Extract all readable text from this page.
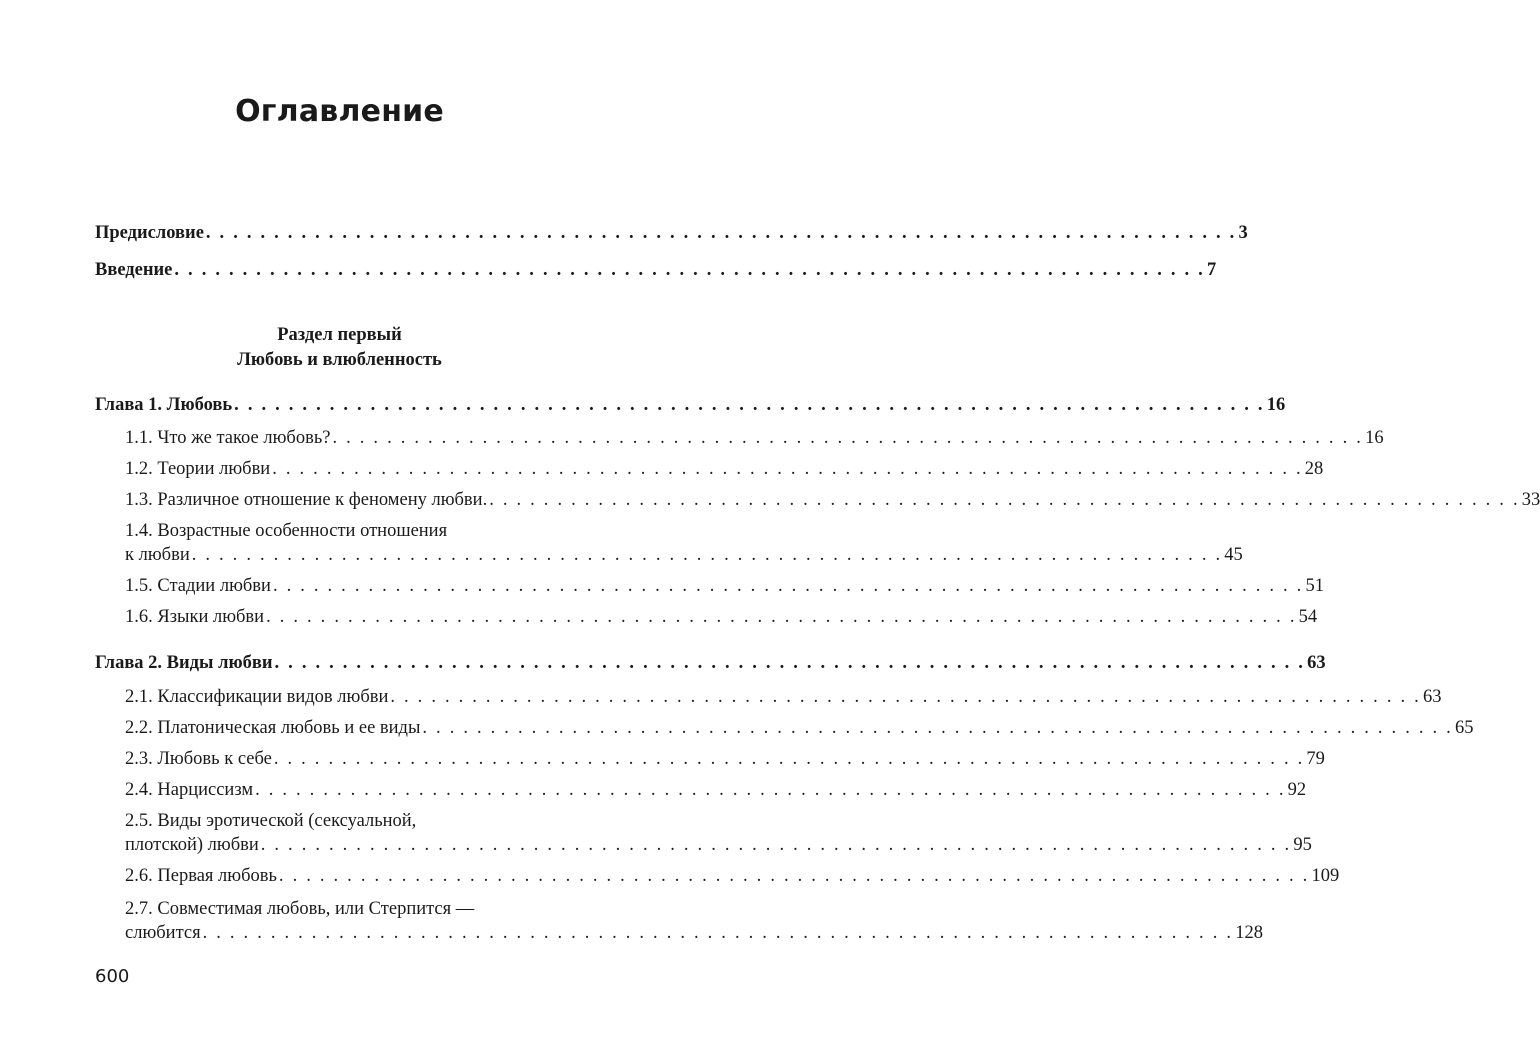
Оглавление
Предисловие . . . . . . . . . . . . . . . . . . . . . . . . . . . . . . . . . . . . . . . . . . . . . . . . . . . . . . . . . . . . . . . . . . . . . . . . . . . . 3
Введение . . . . . . . . . . . . . . . . . . . . . . . . . . . . . . . . . . . . . . . . . . . . . . . . . . . . . . . . . . . . . . . . . . . . . . . . . . . . 7
Раздел первый
Любовь и влюбленность
Глава 1. Любовь . . . . . . . . . . . . . . . . . . . . . . . . . . . . . . . . . . . . . . . . . . . . . . . . . . . . . . . . . . . . . . . . . . . . . . . . . . . . 16
1.1. Что же такое любовь? . . . . . . . . . . . . . . . . . . . . . . . . . . . . . . . . . . . . . . . . . . . . . . . . . . . . . . . . . . . . . . . . . . . . . . . . . . . . 16
1.2. Теории любви . . . . . . . . . . . . . . . . . . . . . . . . . . . . . . . . . . . . . . . . . . . . . . . . . . . . . . . . . . . . . . . . . . . . . . . . . . . . 28
1.3. Различное отношение к феномену любви. . . . . . . . . . . . . . . . . . . . . . . . . . . . . . . . . . . . . . . . . . . . . . . . . . . . . . . . . . . . . . . . . . . . . . . . . . . . . 33
1.4. Возрастные особенности отношения
к любви . . . . . . . . . . . . . . . . . . . . . . . . . . . . . . . . . . . . . . . . . . . . . . . . . . . . . . . . . . . . . . . . . . . . . . . . . . . . 45
1.5. Стадии любви . . . . . . . . . . . . . . . . . . . . . . . . . . . . . . . . . . . . . . . . . . . . . . . . . . . . . . . . . . . . . . . . . . . . . . . . . . . . 51
1.6. Языки любви . . . . . . . . . . . . . . . . . . . . . . . . . . . . . . . . . . . . . . . . . . . . . . . . . . . . . . . . . . . . . . . . . . . . . . . . . . . . 54
Глава 2. Виды любви . . . . . . . . . . . . . . . . . . . . . . . . . . . . . . . . . . . . . . . . . . . . . . . . . . . . . . . . . . . . . . . . . . . . . . . . . . . . 63
2.1. Классификации видов любви . . . . . . . . . . . . . . . . . . . . . . . . . . . . . . . . . . . . . . . . . . . . . . . . . . . . . . . . . . . . . . . . . . . . . . . . . . . . 63
2.2. Платоническая любовь и ее виды . . . . . . . . . . . . . . . . . . . . . . . . . . . . . . . . . . . . . . . . . . . . . . . . . . . . . . . . . . . . . . . . . . . . . . . . . . . . 65
2.3. Любовь к себе . . . . . . . . . . . . . . . . . . . . . . . . . . . . . . . . . . . . . . . . . . . . . . . . . . . . . . . . . . . . . . . . . . . . . . . . . . . . 79
2.4. Нарциссизм . . . . . . . . . . . . . . . . . . . . . . . . . . . . . . . . . . . . . . . . . . . . . . . . . . . . . . . . . . . . . . . . . . . . . . . . . . . . 92
2.5. Виды эротической (сексуальной,
плотской) любви . . . . . . . . . . . . . . . . . . . . . . . . . . . . . . . . . . . . . . . . . . . . . . . . . . . . . . . . . . . . . . . . . . . . . . . . . . . . 95
2.6. Первая любовь . . . . . . . . . . . . . . . . . . . . . . . . . . . . . . . . . . . . . . . . . . . . . . . . . . . . . . . . . . . . . . . . . . . . . . . . . . . . 109
2.7. Совместимая любовь, или Стерпится —
слюбится . . . . . . . . . . . . . . . . . . . . . . . . . . . . . . . . . . . . . . . . . . . . . . . . . . . . . . . . . . . . . . . . . . . . . . . . . . . . 128
600
